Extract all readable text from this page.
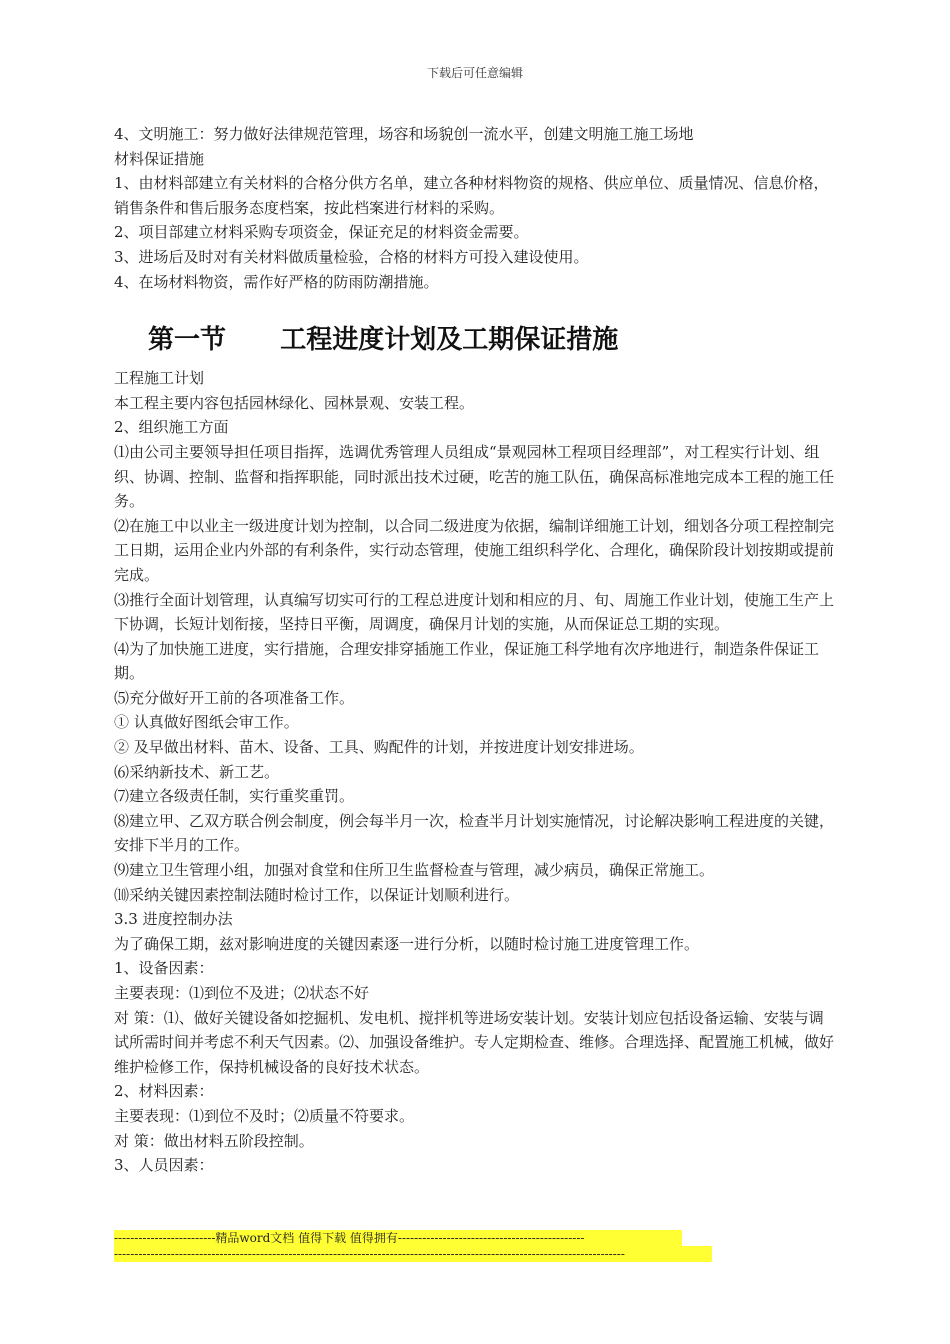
下载后可任意编辑

4、文明施工：努力做好法律规范管理，场容和场貌创一流水平，创建文明施工施工场地

材料保证措施

1、由材料部建立有关材料的合格分供方名单，建立各种材料物资的规格、供应单位、质量情况、信息价格，销售条件和售后服务态度档案，按此档案进行材料的采购。

2、项目部建立材料采购专项资金，保证充足的材料资金需要。

3、进场后及时对有关材料做质量检验，合格的材料方可投入建设使用。

4、在场材料物资，需作好严格的防雨防潮措施。

第一节      工程进度计划及工期保证措施

工程施工计划

本工程主要内容包括园林绿化、园林景观、安装工程。

2、组织施工方面

⑴由公司主要领导担任项目指挥，选调优秀管理人员组成“景观园林工程项目经理部”，对工程实行计划、组织、协调、控制、监督和指挥职能，同时派出技术过硬，吃苦的施工队伍，确保高标准地完成本工程的施工任务。

⑵在施工中以业主一级进度计划为控制，以合同二级进度为依据，编制详细施工计划，细划各分项工程控制完工日期，运用企业内外部的有利条件，实行动态管理，使施工组织科学化、合理化，确保阶段计划按期或提前完成。

⑶推行全面计划管理，认真编写切实可行的工程总进度计划和相应的月、旬、周施工作业计划，使施工生产上下协调，长短计划衔接，坚持日平衡，周调度，确保月计划的实施，从而保证总工期的实现。

⑷为了加快施工进度，实行措施，合理安排穿插施工作业，保证施工科学地有次序地进行，制造条件保证工期。

⑸充分做好开工前的各项准备工作。

① 认真做好图纸会审工作。

② 及早做出材料、苗木、设备、工具、购配件的计划，并按进度计划安排进场。

⑹采纳新技术、新工艺。

⑺建立各级责任制，实行重奖重罚。

⑻建立甲、乙双方联合例会制度，例会每半月一次，检查半月计划实施情况，讨论解决影响工程进度的关键，安排下半月的工作。

⑼建立卫生管理小组，加强对食堂和住所卫生监督检查与管理，减少病员，确保正常施工。

⑽采纳关键因素控制法随时检讨工作，以保证计划顺利进行。

3.3 进度控制办法

为了确保工期，兹对影响进度的关键因素逐一进行分析，以随时检讨施工进度管理工作。

1、设备因素：

主要表现：⑴到位不及进；⑵状态不好

对 策：⑴、做好关键设备如挖掘机、发电机、搅拌机等进场安装计划。安装计划应包括设备运输、安装与调试所需时间并考虑不利天气因素。⑵、加强设备维护。专人定期检查、维修。合理选择、配置施工机械，做好维护检修工作，保持机械设备的良好技术状态。

2、材料因素：

主要表现：⑴到位不及时；⑵质量不符要求。

对 策：做出材料五阶段控制。

3、人员因素：

-------------------------精品word文档 值得下载 值得拥有----------------------------------------------
------------------------------------------------------------------------------------------------------------------------------
